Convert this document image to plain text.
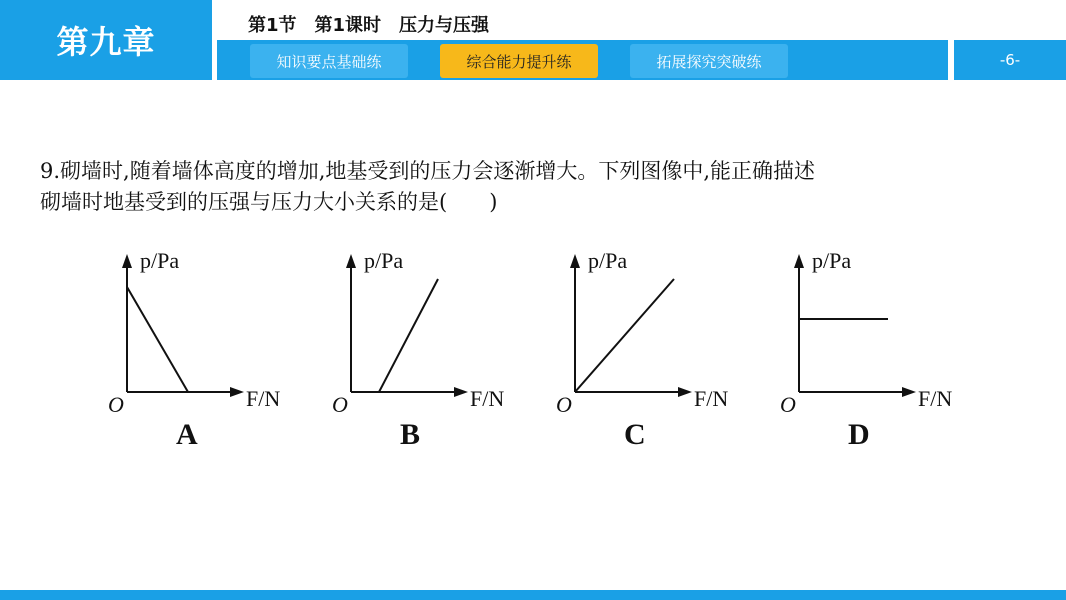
第九章	第1节　第1课时　压力与压强
知识要点基础练	综合能力提升练	拓展探究突破练	-6-
9.砌墙时,随着墙体高度的增加,地基受到的压力会逐渐增大。下列图像中,能正确描述
砌墙时地基受到的压强与压力大小关系的是(　　)
p/Pa
F/N
O
A
p/Pa
F/N
O
B
p/Pa
F/N
O
C
p/Pa
F/N
O
D
